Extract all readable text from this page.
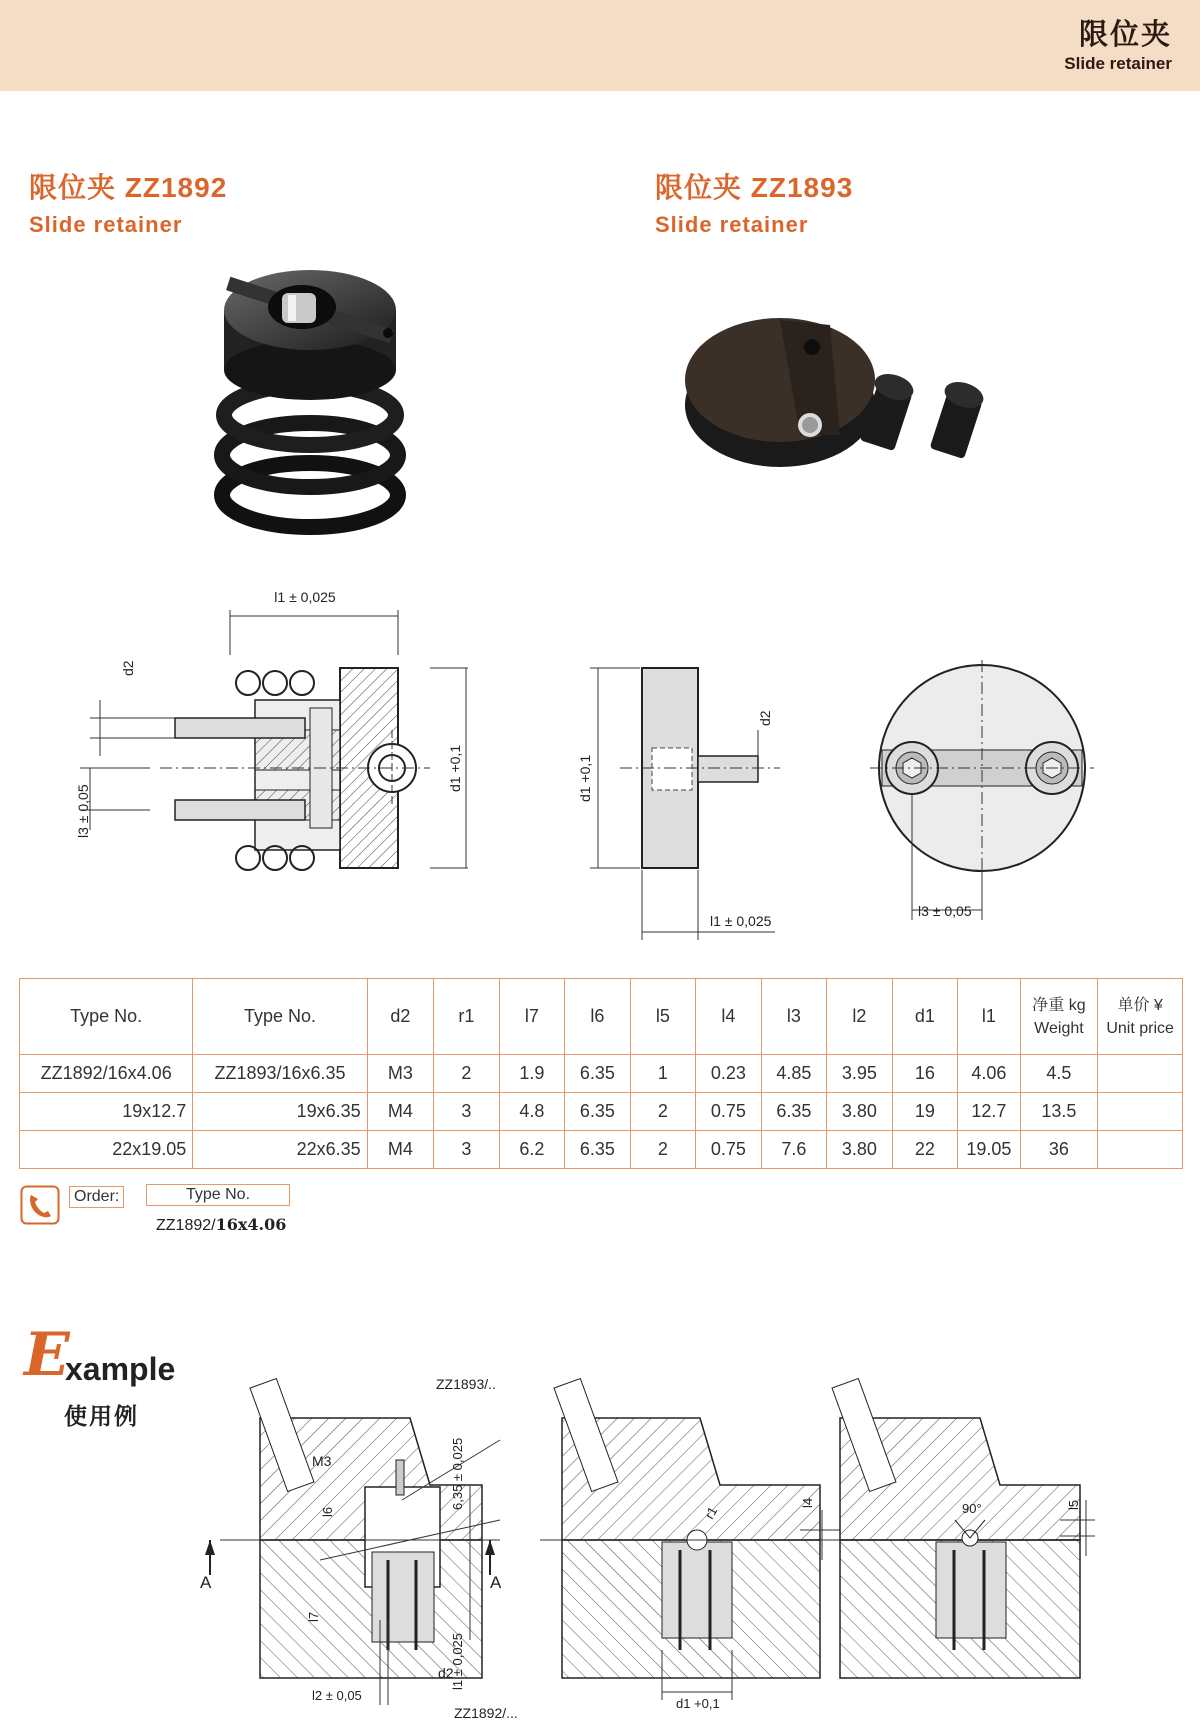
限位夹
Slide retainer
限位夹 ZZ1892
Slide retainer
限位夹 ZZ1893
Slide retainer
l1 ± 0,025
d2
l3 ± 0,05
d1 +0,1
d2
d1 +0,1
l1 ± 0,025
l3 ± 0,05
Type No.	Type No.	d2	r1	l7	l6	l5	l4	l3	l2	d1	l1	净重 kg
Weight	单价 ¥
Unit price

ZZ1892/16x4.06	ZZ1893/16x6.35	M3	2	1.9	6.35	1	0.23	4.85	3.95	16	4.06	4.5	
19x12.7	19x6.35	M4	3	4.8	6.35	2	0.75	6.35	3.80	19	12.7	13.5	
22x19.05	22x6.35	M4	3	6.2	6.35	2	0.75	7.6	3.80	22	19.05	36	
Order:	Type No.
ZZ1892/16x4.06
E
xample
使用例
ZZ1893/..
M3
l6
6,35 ± 0,025
A	A
l7
l2 ± 0,05
d2
l1 ± 0,025
ZZ1892/...
l4
r1
d1 +0,1
90°	l5
